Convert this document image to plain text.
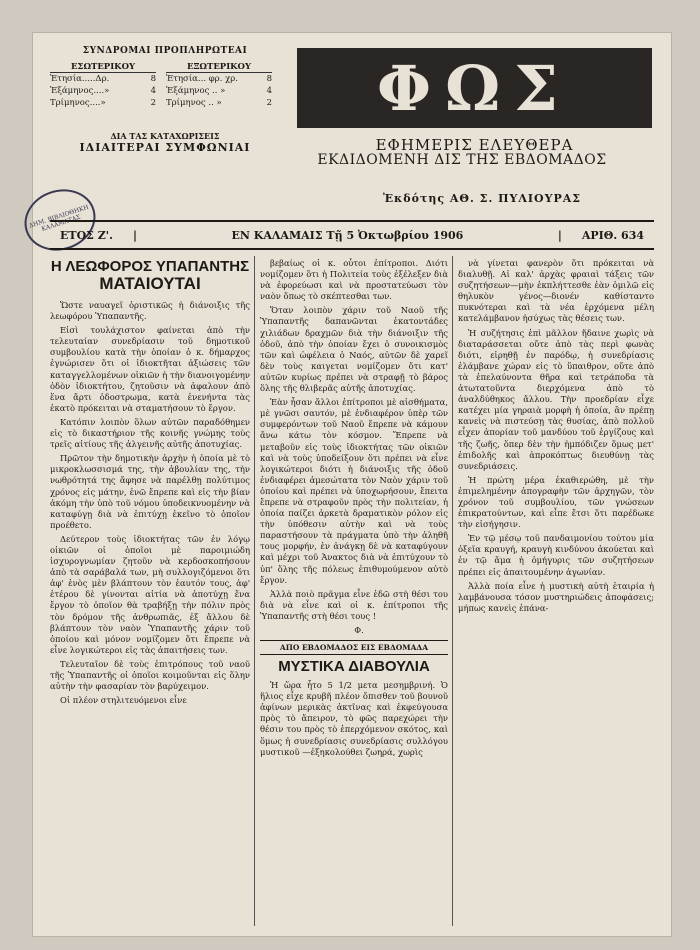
ΣΥΝΔΡΟΜΑΙ ΠΡΟΠΛΗΡΩΤΕΑΙ
ΕΣΩΤΕΡΙΚΟΥ
Ἐτησία.....Δρ.	8
Ἐξάμηνος....»	4
Τρίμηνος....»	2
ΕΞΩΤΕΡΙΚΟΥ
Ἐτησία... φρ. χρ.	8
Ἐξάμηνος .. »	4
Τρίμηνος .. »	2
ΔΙΑ ΤΑΣ ΚΑΤΑΧΩΡΙΣΕΙΣ
ΙΔΙΑΙΤΕΡΑΙ ΣΥΜΦΩΝΙΑΙ
ΦΩΣ
ΕΦΗΜΕΡΙΣ ΕΛΕΥΘΕΡΑ
ΕΚΔΙΔΟΜΕΝΗ ΔΙΣ ΤΗΣ ΕΒΔΟΜΑΔΟΣ
Ἐκδότης ΑΘ. Σ. ΠΥΛΙΟΥΡΑΣ
ΔΗΜ. ΒΙΒΛΙΟΘΗΚΗ ΚΑΛΑΜΑΤΑΣ
ΕΤΟΣ Ζ'.	|	ΕΝ ΚΑΛΑΜΑΙΣ Τῇ 5 Ὀκτωβρίου 1906	|	ΑΡΙΘ. 634
Η ΛΕΩΦΟΡΟΣ ΥΠΑΠΑΝΤΗΣ
ΜΑΤΑΙΟΥΤΑΙ

Ὥστε ναυαγεῖ ὁριστικῶς ἡ διάνοιξις τῆς λεωφόρου Ὑπαπαντῆς.

Εἰσὶ τουλάχιστον φαίνεται ἀπὸ τὴν τελευταίαν συνεδρίασιν τοῦ δημοτικοῦ συμβουλίου κατὰ τὴν ὁποίαν ὁ κ. δήμαρχος ἐγνώρισεν ὅτι οἱ ἰδιοκτῆται ἀξιώσεις τῶν καταγγελλομένων οἰκιῶν ἡ τὴν διανοιγομένην ὁδὸν ἰδιοκτήτου, ζητοῦσιν νὰ ἀφαλουν ἀπὸ ἕνα ἄρτι ὁδοστρωμα, κατὰ ἐνενήντα τὰς ἑκατὸ πρόκειται νὰ σταματήσουν τὸ ἔργον.

Κατόπιν λοιπὸν ὅλων αὐτῶν παραδόθημεν εἰς τὸ δικαστήριον τῆς κοινῆς γνώμης τοὺς τρεῖς αἰτίους τῆς ἀλγεινῆς αὐτῆς ἀποτυχίας.

Πρῶτον τὴν δημοτικὴν ἀρχὴν ἡ ὁποία μὲ τὸ μικροκλωσσισμά της, τὴν ἀβουλίαν της, τὴν νωθρότητά της ἄφησε νὰ παρέλθῃ πολύτιμος χρόνος εἰς μάτην, ἐνῶ ἔπρεπε καὶ εἰς τὴν βίαν ἀκόμη τὴν ὑπὸ τοῦ νόμου ὑποδεικνυομένην νὰ καταφύγῃ διὰ νὰ ἐπιτύχῃ ἐκεῖνο τὸ ὁποῖον προέθετο.

Δεύτερον τοὺς ἰδιοκτήτας τῶν ἐν λόγῳ οἰκιῶν οἱ ὁποῖοι μὲ παροιμιώδη ἰσχυρογνωμίαν ζητοῦν νὰ κερδοσκοπήσουν ἀπὸ τὰ σαράβαλά των, μὴ συλλογιζόμενοι ὅτι ἀφ' ἑνὸς μὲν βλάπτουν τὸν ἑαυτόν τους, ἀφ' ἑτέρου δὲ γίνονται αἰτία νὰ ἀποτύχῃ ἕνα ἔργον τὸ ὁποῖον θὰ τραβήξῃ τὴν πόλιν πρὸς τὸν δρόμον τῆς ἀνθρωπιᾶς, ἐξ ἄλλου δὲ βλάπτουν τὸν ναὸν Ὑπαπαντῆς χάριν τοῦ ὁποίου καὶ μόνον νομίζομεν ὅτι ἔπρεπε νὰ εἶνε λογικώτεροι εἰς τὰς ἀπαιτήσεις των.

Τελευταῖον δὲ τοὺς ἐπιτρόπους τοῦ ναοῦ τῆς Ὑπαπαντῆς οἱ ὁποῖοι κοιμοῦνται εἰς ὅλην αὐτὴν τὴν φασαρίαν τὸν βαρύχειμον.

Οἱ πλέον στηλιτευόμενοι εἶνε

βεβαίως οἱ κ. οὗτοι ἐπίτροποι. Διότι νομίζομεν ὅτι ἡ Πολιτεία τοὺς ἐξέλεξεν διὰ νὰ ἐφορεύωσι καὶ νὰ προστατεύωσι τὸν ναὸν ὅπως τὸ σκέπτεσθαι των.

Ὅταν λοιπὸν χάριν τοῦ Ναοῦ τῆς Ὑπαπαντῆς δαπανῶνται ἑκατοντάδες χιλιάδων δραχμῶν διὰ τὴν διάνοιξιν τῆς ὁδοῦ, ἀπὸ τὴν ὁποίαν ἔχει ὁ συνοικισμὸς τῶν καὶ ὠφέλεια ὁ Ναός, αὐτῶν δὲ χαρεῖ δὲν τοὺς καιγεται νομίζομεν ὅτι κατ' αὐτῶν κυρίως πρέπει νὰ στραφῇ τὸ βάρος ὅλης τῆς θλιβερᾶς αὐτῆς ἀποτυχίας.

Ἐὰν ἦσαν ἄλλοι ἐπίτροποι μὲ αἰσθήματα, μὲ γνῶσι σαυτόν, μὲ ἐνδιαφέρον ὑπὲρ τῶν συμφερόντων τοῦ Ναοῦ ἔπρεπε νὰ κάμουν ἄνω κάτω τὸν κόσμον. Ἔπρεπε νὰ μεταβοῦν εἰς τοὺς ἰδιοκτήτας τῶν οἰκιῶν καὶ νὰ τοὺς ὑποδείξουν ὅτι πρέπει νὰ εἶνε λογικώτεροι διότι ἡ διάνοιξις τῆς ὁδοῦ ἐνδιαφέρει ἀμεσώτατα τὸν Ναὸν χάριν τοῦ ὁποίου καὶ πρέπει νὰ ὑποχωρήσουν, ἔπειτα ἔπρεπε νὰ στραφοῦν πρὸς τὴν πολιτείαν, ἡ ὁποία παίζει ἀρκετὰ δραματικὸν ρόλον εἰς τὴν ὑπόθεσιν αὐτὴν καὶ νὰ τοὺς παραστήσουν τὰ πράγματα ὑπὸ τὴν ἀληθῆ τους μορφήν, ἐν ἀνάγκῃ δὲ νὰ καταφύγουν καὶ μέχρι τοῦ Ἀνακτος διὰ νὰ ἐπιτύχουν τὸ ὑπ' ὅλης τῆς πόλεως ἐπιθυμούμενον αὐτὸ ἔργον.

Ἀλλὰ ποιὸ πρᾶγμα εἶνε ἐδῶ στὴ θέσι του διὰ νὰ εἶνε καὶ οἱ κ. ἐπίτροποι τῆς Ὑπαπαντῆς στὴ θέσι τους !

Φ.

ΑΠΟ ΕΒΔΟΜΑΔΟΣ ΕΙΣ ΕΒΔΟΜΑΔΑ
ΜΥΣΤΙΚΑ ΔΙΑΒΟΥΛΙΑ

Ἡ ὥρα ἦτο 5 1/2 μετα μεσημβρινή. Ὁ ἥλιος εἶχε κρυβῆ πλέον ὄπισθεν τοῦ βουνοῦ ἀφίνων μερικὰς ἀκτῖνας καὶ ἐκφεύγουσα πρὸς τὸ ἄπειρον, τὸ φῶς παρεχώρει τὴν θέσιν του πρὸς τὸ ἐπερχόμενον σκότος, καὶ ὅμως ἡ συνεδρίασις συνεδρίασις συλλόγου μυστικοῦ —ἐξηκολούθει ζωηρά, χωρὶς

νὰ γίνεται φανερὸν ὅτι πρόκειται νὰ διαλυθῇ. Αἱ καλ' ἀρχὰς φραιαὶ τάξεις τῶν συζητήσεων—μὴν ἐκπλήττεσθε ἐὰν ὁμιλῶ εἰς θηλυκὸν γένος—διονέν καθίσταντο πυκνότεραι καὶ τὰ νέα ἐρχόμενα μέλη κατελάμβανον ἡσύχως τὰς θέσεις των.

Ἡ συζήτησις ἐπὶ μᾶλλον ἤδαινε χωρὶς νὰ διαταράσσεται οὔτε ἀπὸ τὰς περὶ φωνὰς διότι, εἰρηθῇ ἐν παρόδῳ, ἡ συνεδρίασις ἐλάμβανε χώραν εἰς τὸ ὕπαιθρον, οὔτε ἀπὸ τὰ ἐπελαύνοντα θῆρα καὶ τετράποδα τὰ ἀτωτατοῦντα διερχόμενα ἀπὸ τὸ ἀναλδύθηκος ἄλλου. Τὴν προεδρίαν εἶχε κατέχει μία γηραιὰ μορφὴ ἡ ὁποία, ἂν πρέπῃ κανεὶς νὰ πιστεύσῃ τὰς θυσίας, ἀπὸ πολλοῦ εἶχεν ἀπορίαν τοῦ μανδύου τοῦ ἐργίζους καὶ τῆς ζωῆς, ὅπερ δὲν τὴν ἠμπόδιζεν ὅμως μετ' ἐπιδολῆς καὶ ἀπροκόπτως διευθύνῃ τὰς συνεδριάσεις.

Ἡ πρώτη μέρα ἐκαθιερώθη, μὲ τὴν ἐπιμελημένην ἀπογραφὴν τῶν ἀρχηγῶν, τὸν χρόνον τοῦ συμβουλίου, τῶν γνώσεων ἐπικρατούντων, καὶ εἶπε ἔτσι ὅτι παρέδωκε τὴν εἰσήγησιν.

Ἐν τῷ μέσῳ τοῦ πανδαιμονίου τούτου μία ὀξεῖα κραυγή, κραυγὴ κινδύνου ἀκούεται καὶ ἐν τῷ ἅμα ἡ ὁμήγυρις τῶν συζητήσεων πρέπει εἰς ἀπαιτουμένην ἀγωνίαν.

Ἀλλὰ ποία εἶνε ἡ μυστικὴ αὐτὴ ἑταιρία ἡ λαμβάνουσα τόσον μυστηριώδεις ἀποφάσεις; μήπως κανεὶς ἐπάνα-
